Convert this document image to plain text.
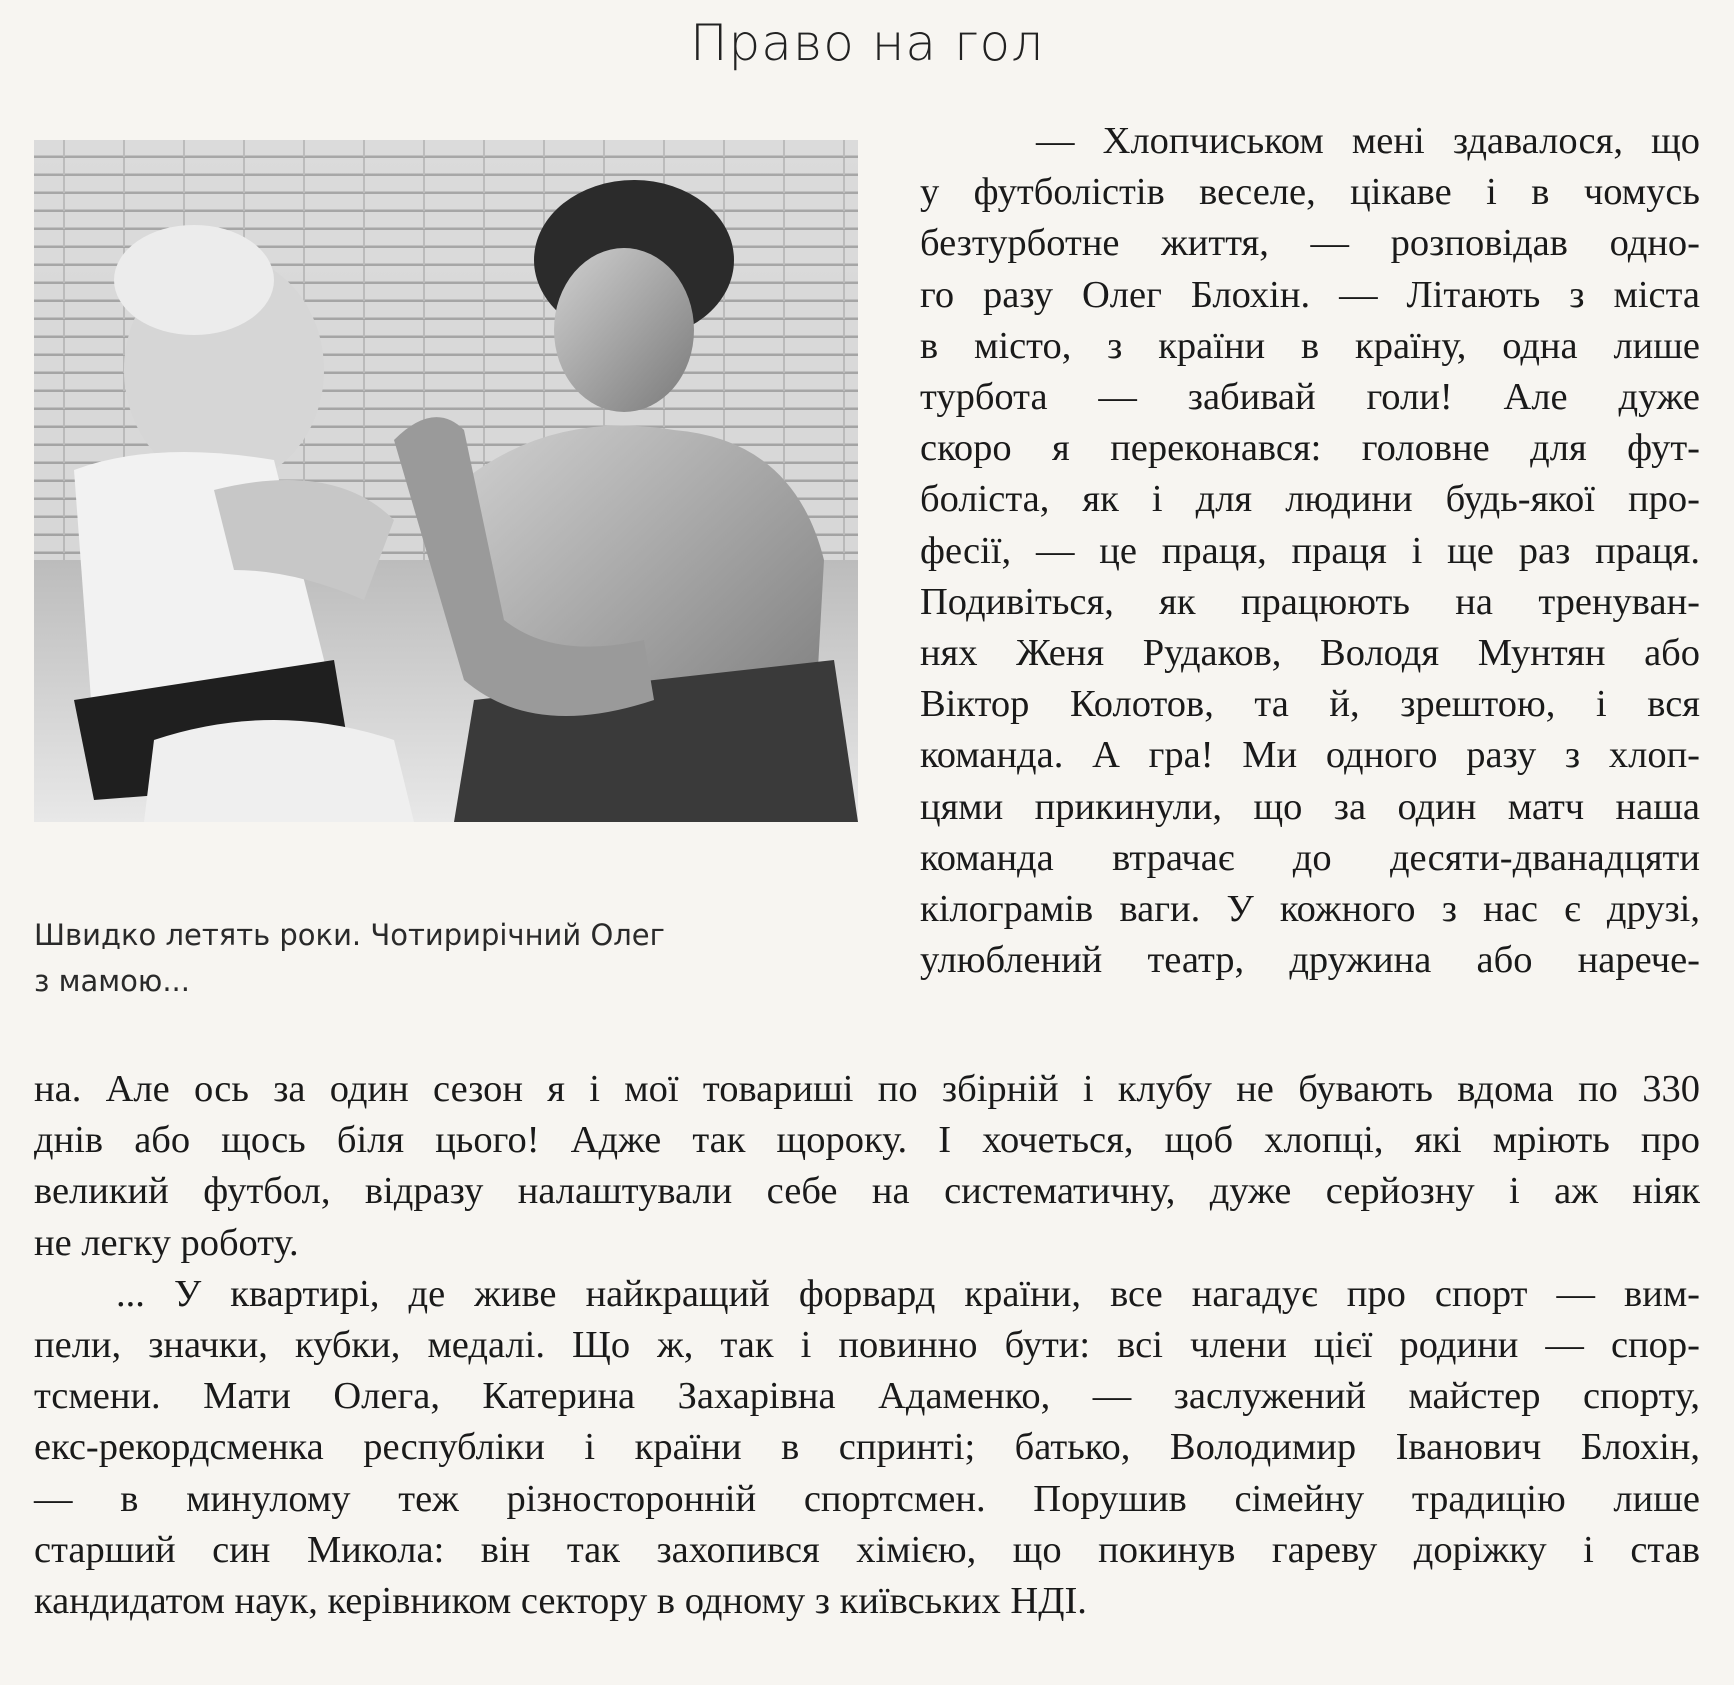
Право на гол

Швидко летять роки. Чотирирічний Олег
з мамою...

— Хлопчиськом мені здавалося, що
у футболістів веселе, цікаве і в чомусь
безтурботне життя, — розповідав одно-
го разу Олег Блохін. — Літають з міста
в місто, з країни в країну, одна лише
турбота — забивай голи! Але дуже
скоро я переконався: головне для фут-
боліста, як і для людини будь-якої про-
фесії, — це праця, праця і ще раз праця.
Подивіться, як працюють на тренуван-
нях Женя Рудаков, Володя Мунтян або
Віктор Колотов, та й, зрештою, і вся
команда. А гра! Ми одного разу з хлоп-
цями прикинули, що за один матч наша
команда втрачає до десяти-дванадцяти
кілограмів ваги. У кожного з нас є друзі,
улюблений театр, дружина або нарече-
на. Але ось за один сезон я і мої товариші по збірній і клубу не бувають вдома по 330
днів або щось біля цього! Адже так щороку. І хочеться, щоб хлопці, які мріють про
великий футбол, відразу налаштували себе на систематичну, дуже серйозну і аж ніяк
не легку роботу.
... У квартирі, де живе найкращий форвард країни, все нагадує про спорт — вим-
пели, значки, кубки, медалі. Що ж, так і повинно бути: всі члени цієї родини — спор-
тсмени. Мати Олега, Катерина Захарівна Адаменко, — заслужений майстер спорту,
екс-рекордсменка республіки і країни в спринті; батько, Володимир Іванович Блохін,
— в минулому теж різносторонній спортсмен. Порушив сімейну традицію лише
старший син Микола: він так захопився хімією, що покинув гареву доріжку і став
кандидатом наук, керівником сектору в одному з київських НДІ.
